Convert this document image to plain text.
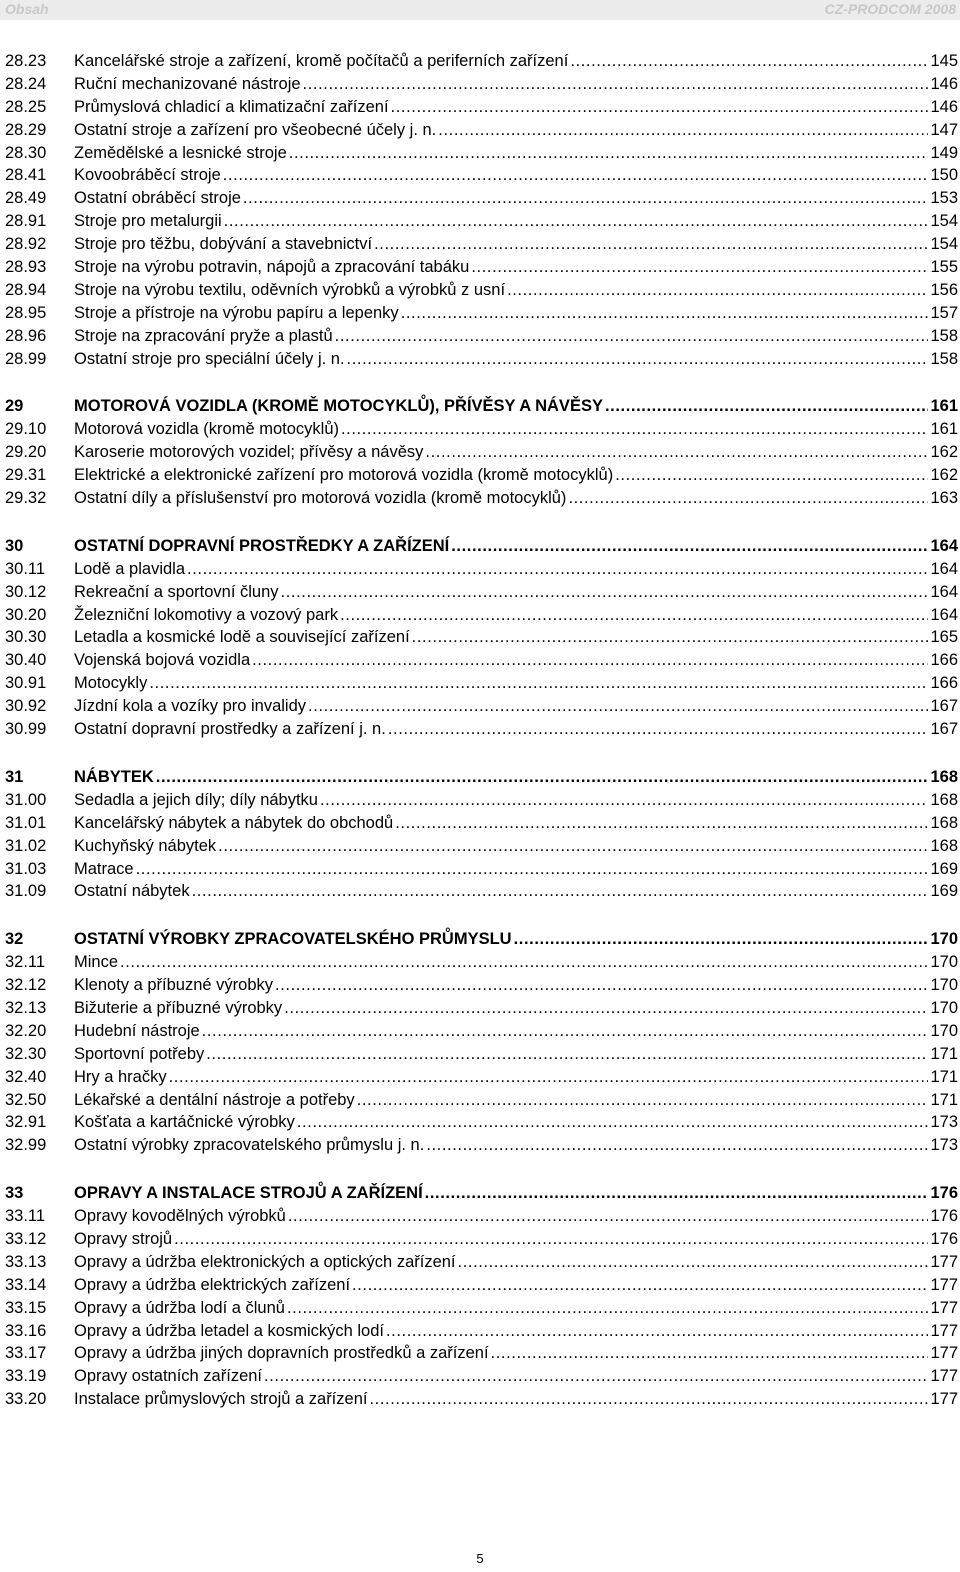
Obsah	CZ-PRODCOM 2008
28.23	Kancelářské stroje a zařízení, kromě počítačů a periferních zařízení .....	145
28.24	Ruční mechanizované nástroje .....	146
28.25	Průmyslová chladicí a klimatizační zařízení .....	146
28.29	Ostatní stroje a zařízení pro všeobecné účely j. n. .....	147
28.30	Zemědělské a lesnické stroje .....	149
28.41	Kovoobráběcí stroje .....	150
28.49	Ostatní obráběcí stroje .....	153
28.91	Stroje pro metalurgii .....	154
28.92	Stroje pro těžbu, dobývání a stavebnictví .....	154
28.93	Stroje na výrobu potravin, nápojů a zpracování tabáku .....	155
28.94	Stroje na výrobu textilu, oděvních výrobků a výrobků z usní .....	156
28.95	Stroje a přístroje na výrobu papíru a lepenky .....	157
28.96	Stroje na zpracování pryže a plastů .....	158
28.99	Ostatní stroje pro speciální účely j. n. .....	158
29	MOTOROVÁ VOZIDLA (KROMĚ MOTOCYKLŮ), PŘÍVĚSY A NÁVĚSY .....	161
29.10	Motorová vozidla (kromě motocyklů) .....	161
29.20	Karoserie motorových vozidel; přívěsy a návěsy .....	162
29.31	Elektrické a elektronické zařízení pro motorová vozidla (kromě motocyklů) .....	162
29.32	Ostatní díly a příslušenství pro motorová vozidla (kromě motocyklů) .....	163
30	OSTATNÍ DOPRAVNÍ PROSTŘEDKY A ZAŘÍZENÍ .....	164
30.11	Lodě a plavidla .....	164
30.12	Rekreační a sportovní čluny .....	164
30.20	Železniční lokomotivy a vozový park .....	164
30.30	Letadla a kosmické lodě a související zařízení .....	165
30.40	Vojenská bojová vozidla .....	166
30.91	Motocykly .....	166
30.92	Jízdní kola a vozíky pro invalidy .....	167
30.99	Ostatní dopravní prostředky a zařízení j. n. .....	167
31	NÁBYTEK .....	168
31.00	Sedadla a jejich díly; díly nábytku .....	168
31.01	Kancelářský nábytek a nábytek do obchodů .....	168
31.02	Kuchyňský nábytek .....	168
31.03	Matrace .....	169
31.09	Ostatní nábytek .....	169
32	OSTATNÍ VÝROBKY ZPRACOVATELSKÉHO PRŮMYSLU .....	170
32.11	Mince .....	170
32.12	Klenoty a příbuzné výrobky .....	170
32.13	Bižuterie a příbuzné výrobky .....	170
32.20	Hudební nástroje .....	170
32.30	Sportovní potřeby .....	171
32.40	Hry a hračky .....	171
32.50	Lékařské a dentální nástroje a potřeby .....	171
32.91	Košťata a kartáčnické výrobky .....	173
32.99	Ostatní výrobky zpracovatelského průmyslu j. n. .....	173
33	OPRAVY A INSTALACE STROJŮ A ZAŘÍZENÍ .....	176
33.11	Opravy kovodělných výrobků .....	176
33.12	Opravy strojů .....	176
33.13	Opravy a údržba elektronických a optických zařízení .....	177
33.14	Opravy a údržba elektrických zařízení .....	177
33.15	Opravy a údržba lodí a člunů .....	177
33.16	Opravy a údržba letadel a kosmických lodí .....	177
33.17	Opravy a údržba jiných dopravních prostředků a zařízení .....	177
33.19	Opravy ostatních zařízení .....	177
33.20	Instalace průmyslových strojů a zařízení .....	177
5
